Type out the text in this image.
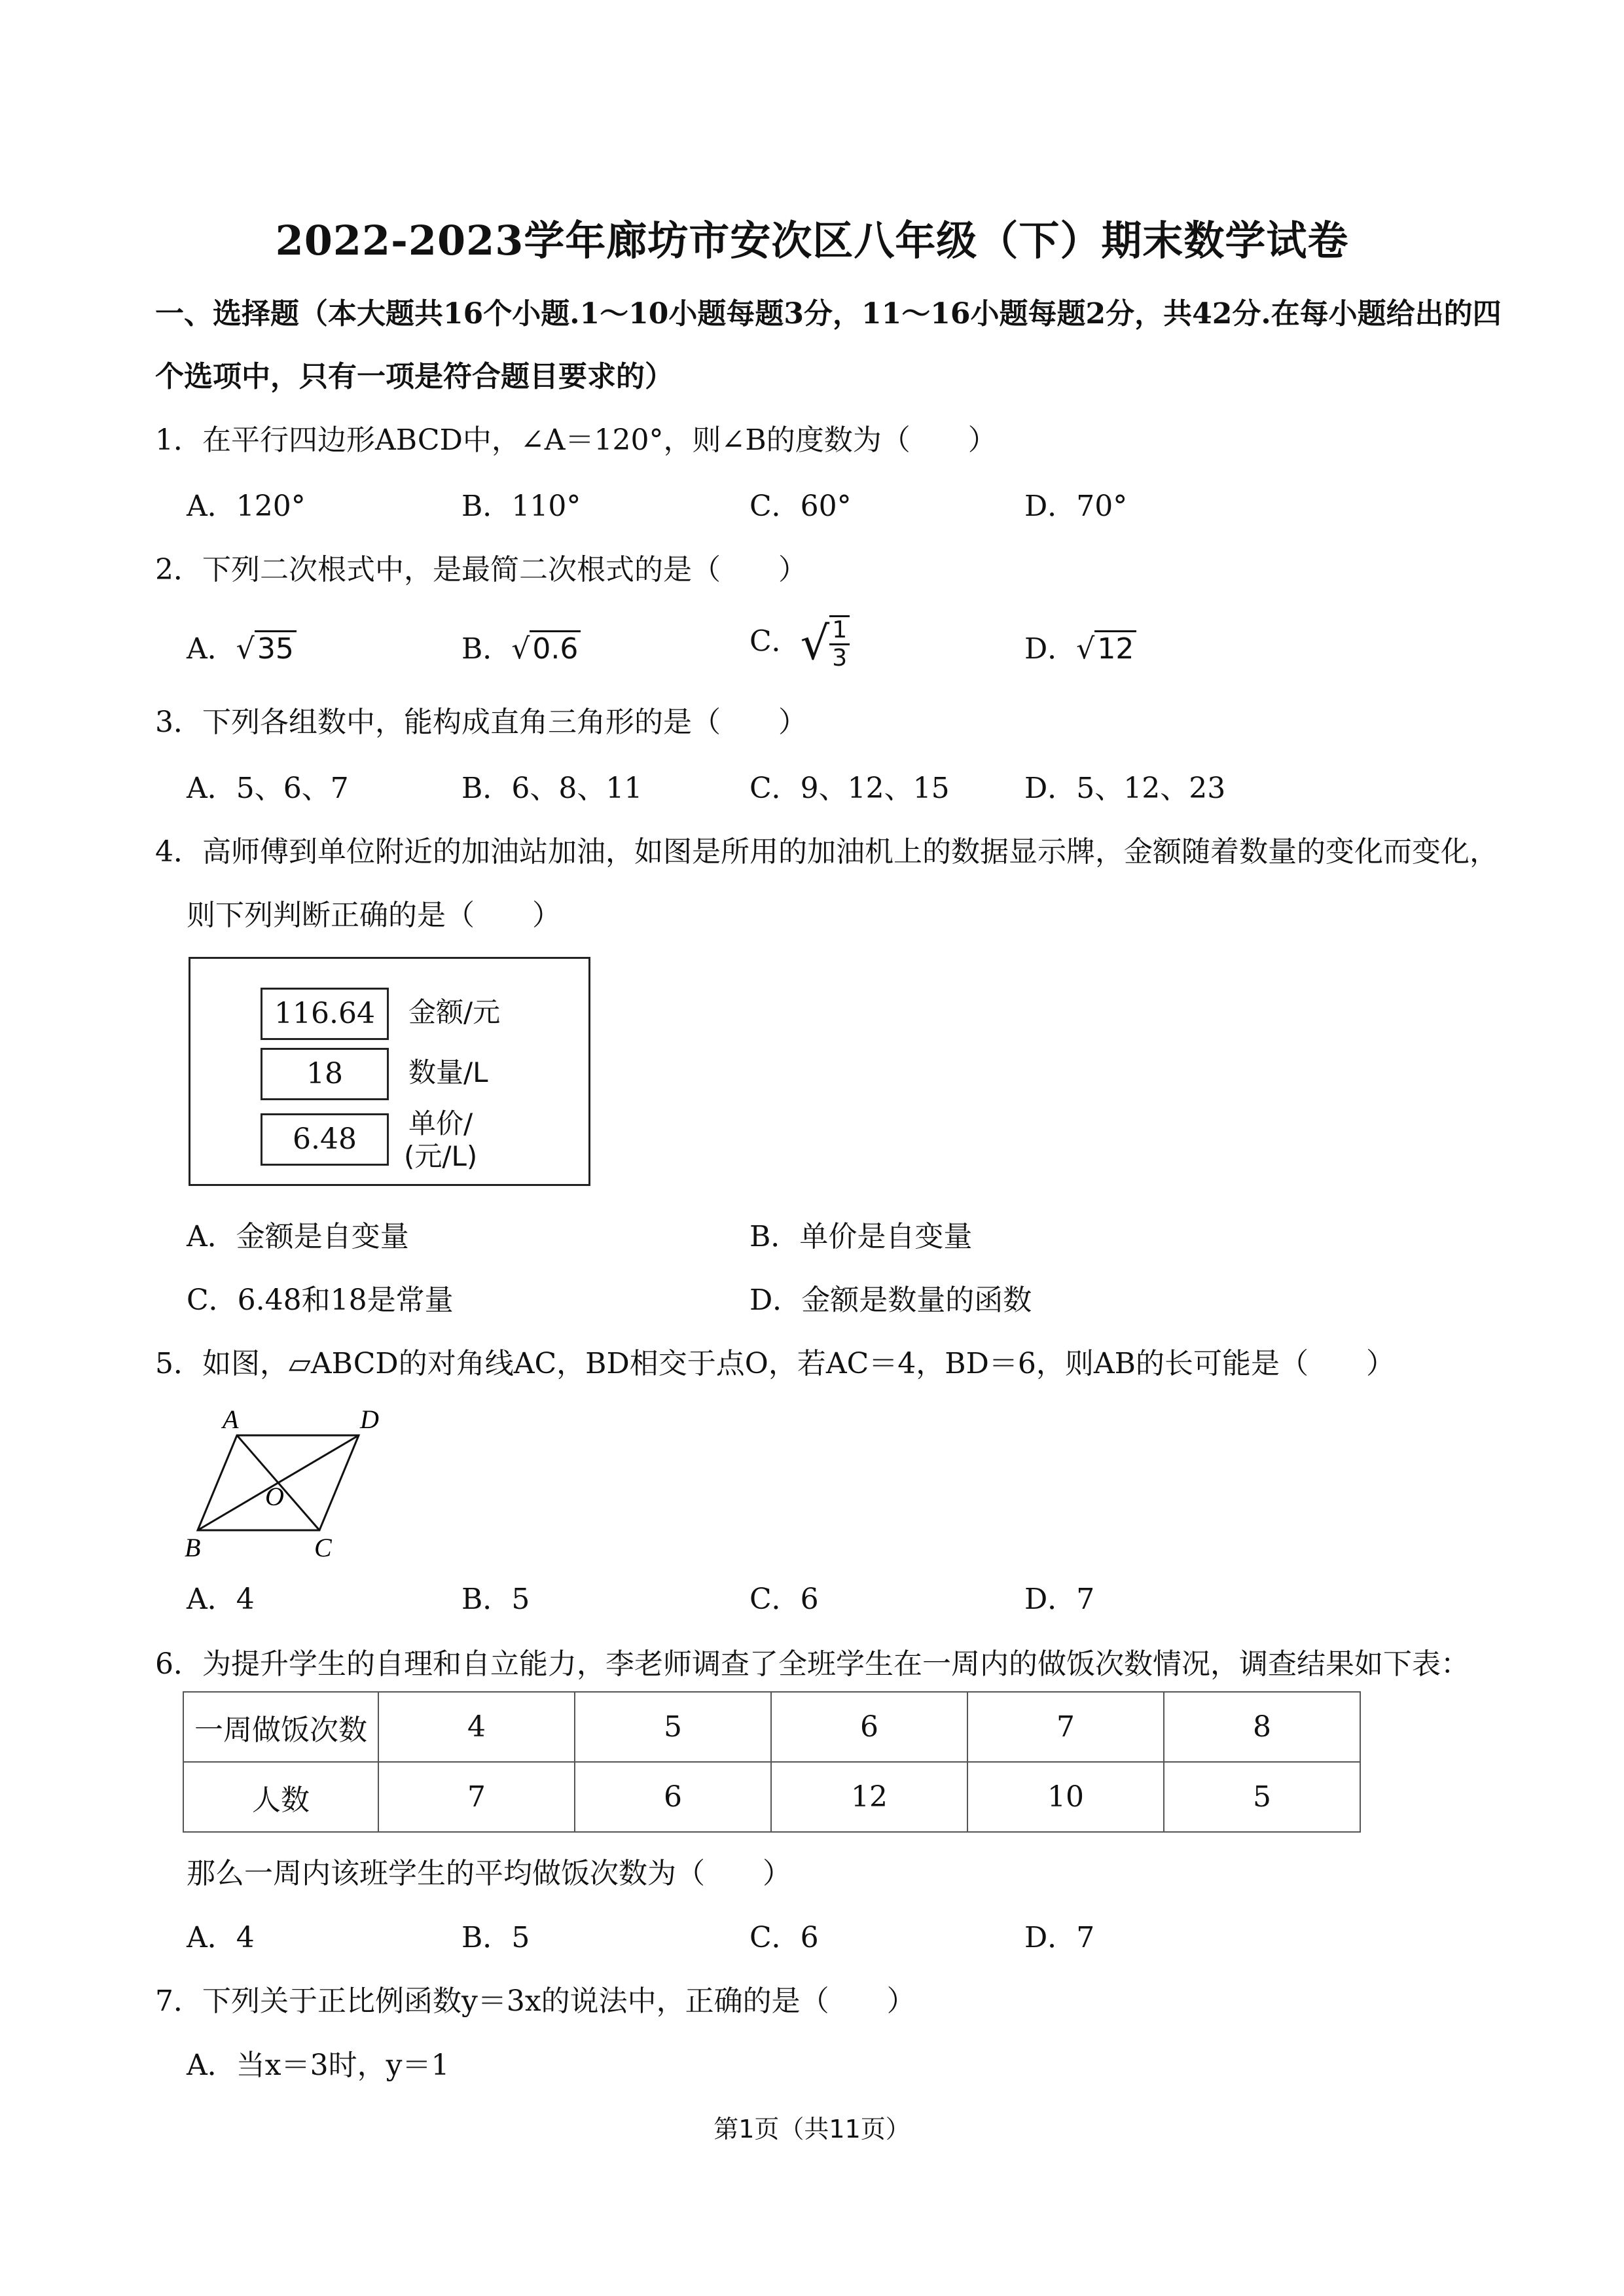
2022-2023学年廊坊市安次区八年级（下）期末数学试卷
一、选择题（本大题共16个小题.1～10小题每题3分，11～16小题每题2分，共42分.在每小题给出的四
个选项中，只有一项是符合题目要求的）
1．在平行四边形ABCD中，∠A＝120°，则∠B的度数为（　　）
A．120°	B．110°	C．60°	D．70°
2．下列二次根式中，是最简二次根式的是（　　）
A．√35	B．√0.6	C．√ $\frac{1}{3}$	D．√12
3．下列各组数中，能构成直角三角形的是（　　）
A．5、6、7	B．6、8、11	C．9、12、15	D．5、12、23
4．高师傅到单位附近的加油站加油，如图是所用的加油机上的数据显示牌，金额随着数量的变化而变化，
则下列判断正确的是（　　）
116.64	金额/元
18	数量/L
6.48	单价/
(元/L)
A．金额是自变量	B．单价是自变量
C．6.48和18是常量	D．金额是数量的函数
5．如图，▱ABCD的对角线AC，BD相交于点O，若AC＝4，BD＝6，则AB的长可能是（　　）
A	D
O
B	C
A．4	B．5	C．6	D．7
6．为提升学生的自理和自立能力，李老师调查了全班学生在一周内的做饭次数情况，调查结果如下表：
一周做饭次数	4	5	6	7	8
人数	7	6	12	10	5
那么一周内该班学生的平均做饭次数为（　　）
A．4	B．5	C．6	D．7
7．下列关于正比例函数y＝3x的说法中，正确的是（　　）
A．当x＝3时，y＝1
第1页（共11页）
